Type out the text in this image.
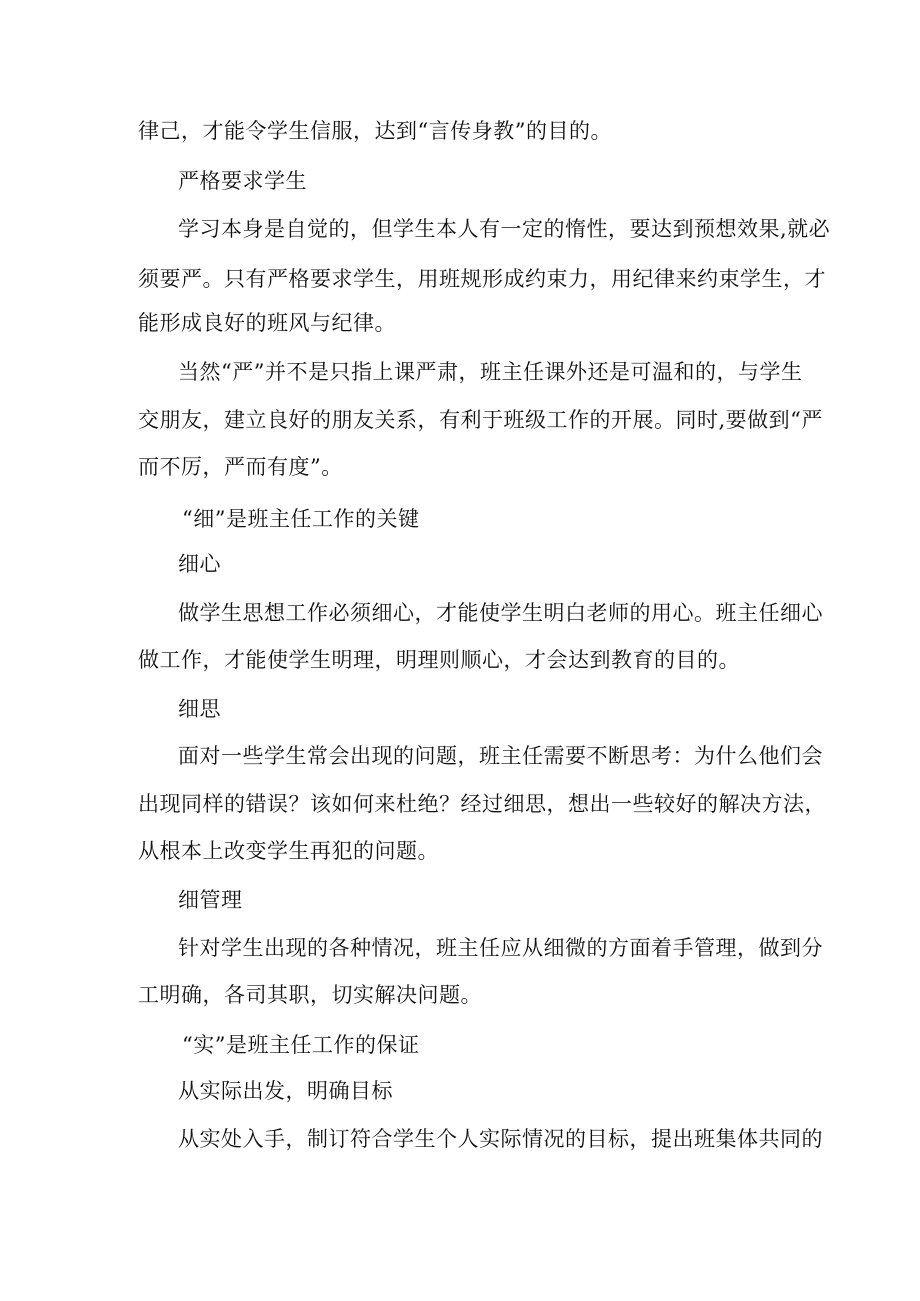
律己，才能令学生信服，达到“言传身教”的目的。
严格要求学生
学习本身是自觉的，但学生本人有一定的惰性，要达到预想效果,就必
须要严。只有严格要求学生，用班规形成约束力，用纪律来约束学生，才
能形成良好的班风与纪律。
当然“严”并不是只指上课严肃，班主任课外还是可温和的，与学生
交朋友，建立良好的朋友关系，有利于班级工作的开展。同时,要做到“严
而不厉，严而有度”。
“细”是班主任工作的关键
细心
做学生思想工作必须细心，才能使学生明白老师的用心。班主任细心
做工作，才能使学生明理，明理则顺心，才会达到教育的目的。
细思
面对一些学生常会出现的问题，班主任需要不断思考：为什么他们会
出现同样的错误？该如何来杜绝？经过细思，想出一些较好的解决方法，
从根本上改变学生再犯的问题。
细管理
针对学生出现的各种情况，班主任应从细微的方面着手管理，做到分
工明确，各司其职，切实解决问题。
“实”是班主任工作的保证
从实际出发，明确目标
从实处入手，制订符合学生个人实际情况的目标，提出班集体共同的
